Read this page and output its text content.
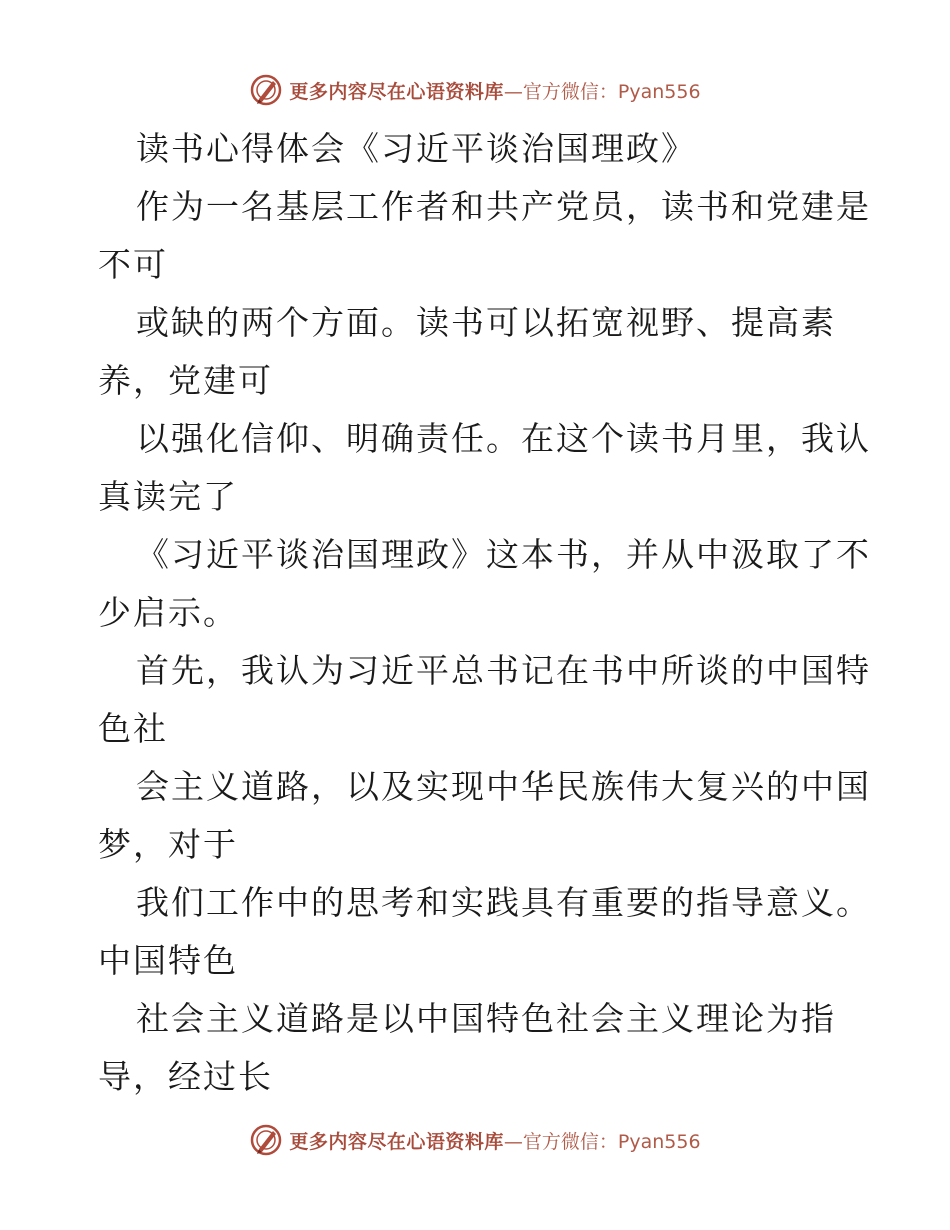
更多内容尽在心语资料库 —官方微信：Pyan556
读书心得体会《习近平谈治国理政》
作为一名基层工作者和共产党员，读书和党建是
不可
或缺的两个方面。读书可以拓宽视野、提高素
养，党建可
以强化信仰、明确责任。在这个读书月里，我认
真读完了
《习近平谈治国理政》这本书，并从中汲取了不
少启示。
首先，我认为习近平总书记在书中所谈的中国特
色社
会主义道路，以及实现中华民族伟大复兴的中国
梦，对于
我们工作中的思考和实践具有重要的指导意义。
中国特色
社会主义道路是以中国特色社会主义理论为指
导，经过长
更多内容尽在心语资料库 —官方微信：Pyan556
